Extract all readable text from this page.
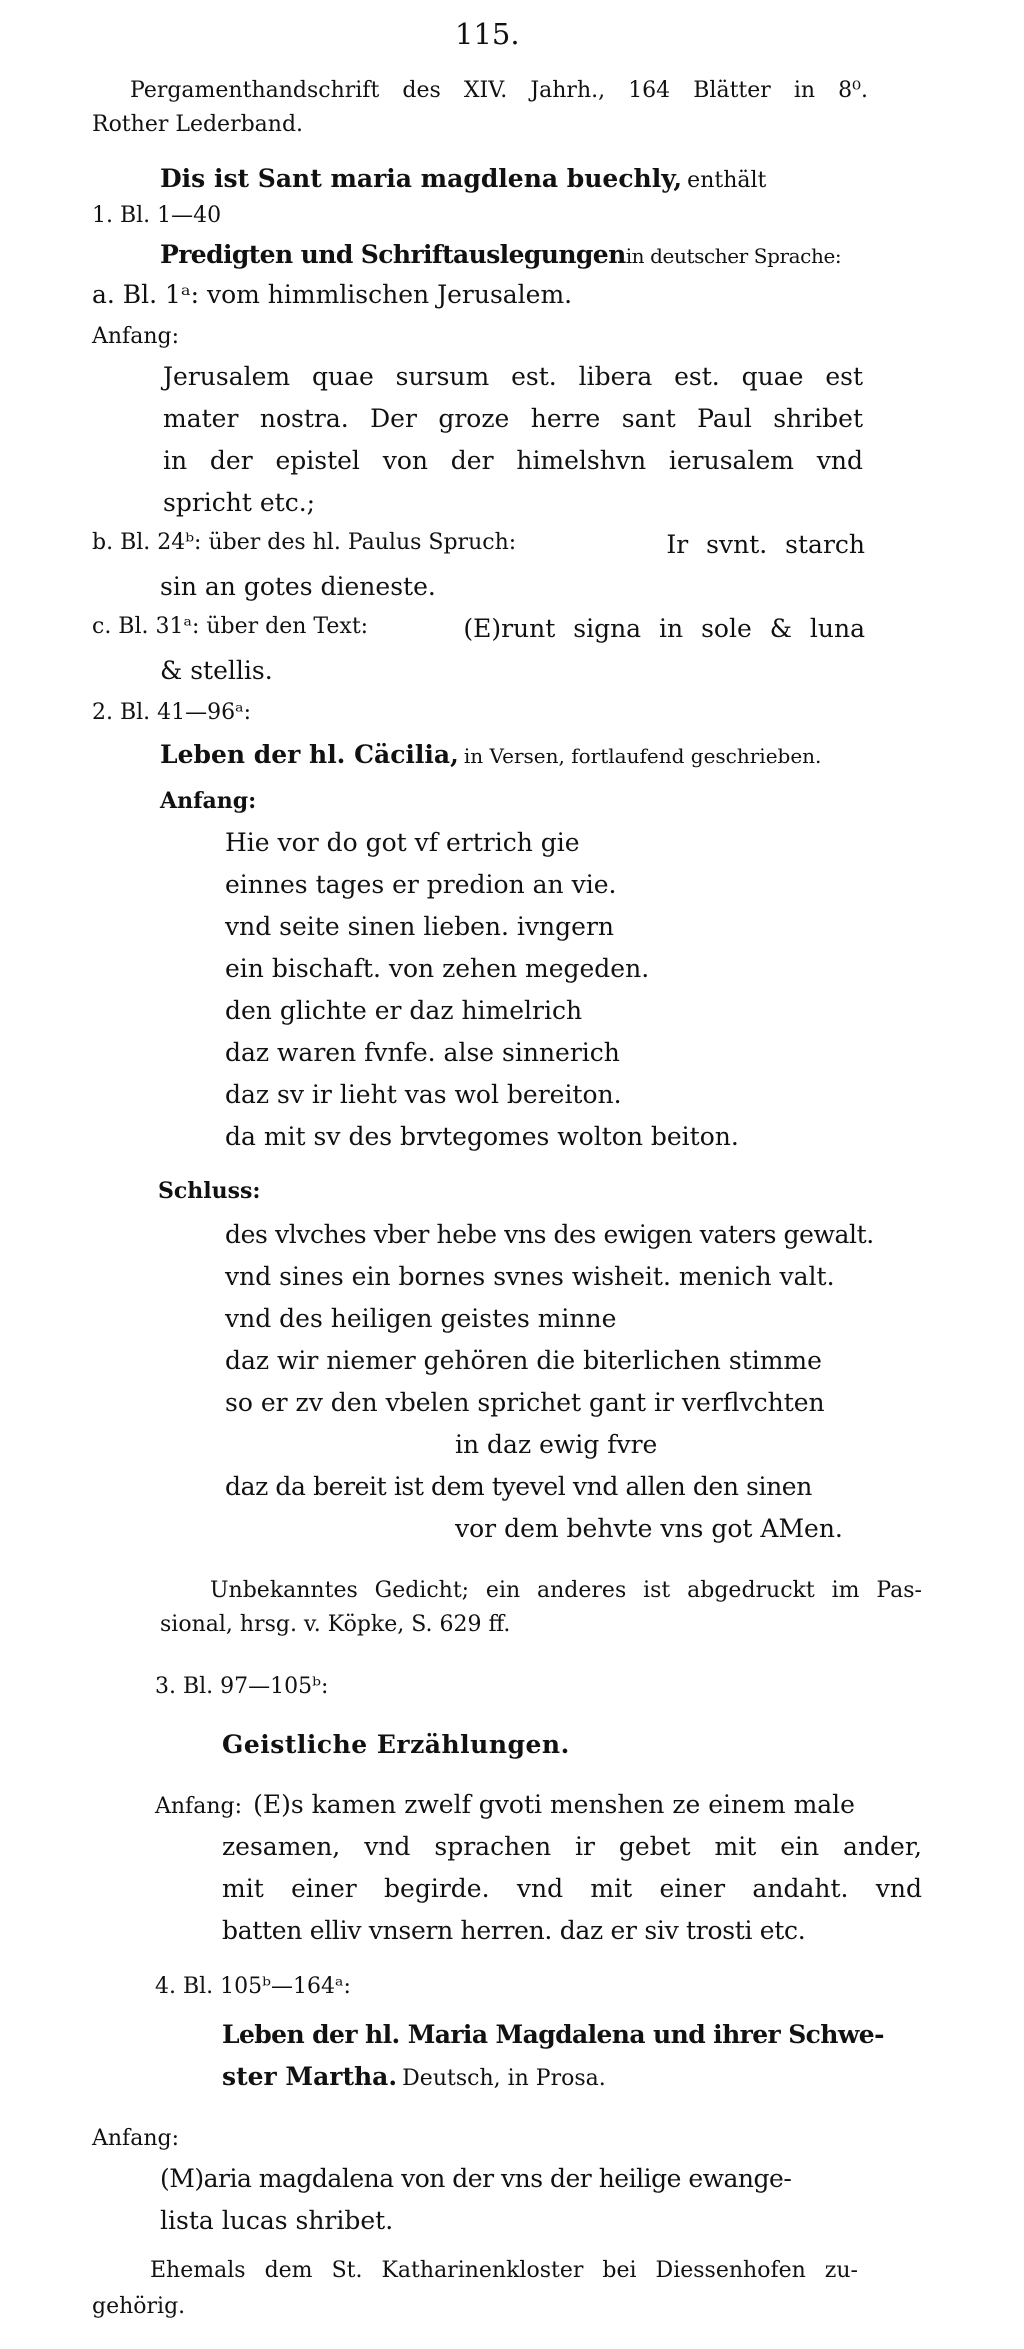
115.
Pergamenthandschrift des XIV. Jahrh., 164 Blätter in 8⁰.
Rother Lederband.
Dis ist Sant maria magdlena buechly, enthält
1. Bl. 1—40
Predigten und Schriftauslegungenin deutscher Sprache:
a. Bl. 1ᵃ: vom himmlischen Jerusalem.
Anfang:
Jerusalem quae sursum est. libera est. quae est
mater nostra. Der groze herre sant Paul shribet
in der epistel von der himelshvn ierusalem vnd
spricht etc.;
b. Bl. 24ᵇ: über des hl. Paulus Spruch:	Ir svnt. starch
sin an gotes dieneste.
c. Bl. 31ᵃ: über den Text:	(E)runt signa in sole & luna
& stellis.
2. Bl. 41—96ᵃ:
Leben der hl. Cäcilia, in Versen, fortlaufend geschrieben.
Anfang:
Hie vor do got vf ertrich gie
einnes tages er predion an vie.
vnd seite sinen lieben. ivngern
ein bischaft. von zehen megeden.
den glichte er daz himelrich
daz waren fvnfe. alse sinnerich
daz sv ir lieht vas wol bereiton.
da mit sv des brvtegomes wolton beiton.
Schluss:
des vlvches vber hebe vns des ewigen vaters gewalt.
vnd sines ein bornes svnes wisheit. menich valt.
vnd des heiligen geistes minne
daz wir niemer gehören die biterlichen stimme
so er zv den vbelen sprichet gant ir verflvchten
in daz ewig fvre
daz da bereit ist dem tyevel vnd allen den sinen
vor dem behvte vns got AMen.
Unbekanntes Gedicht; ein anderes ist abgedruckt im Pas-
sional, hrsg. v. Köpke, S. 629 ff.
3. Bl. 97—105ᵇ:
Geistliche Erzählungen.
Anfang: (E)s kamen zwelf gvoti menshen ze einem male
zesamen, vnd sprachen ir gebet mit ein ander,
mit einer begirde. vnd mit einer andaht. vnd
batten elliv vnsern herren. daz er siv trosti etc.
4. Bl. 105ᵇ—164ᵃ:
Leben der hl. Maria Magdalena und ihrer Schwe-
ster Martha. Deutsch, in Prosa.
Anfang:
(M)aria magdalena von der vns der heilige ewange-
lista lucas shribet.
Ehemals dem St. Katharinenkloster bei Diessenhofen zu-
gehörig.
